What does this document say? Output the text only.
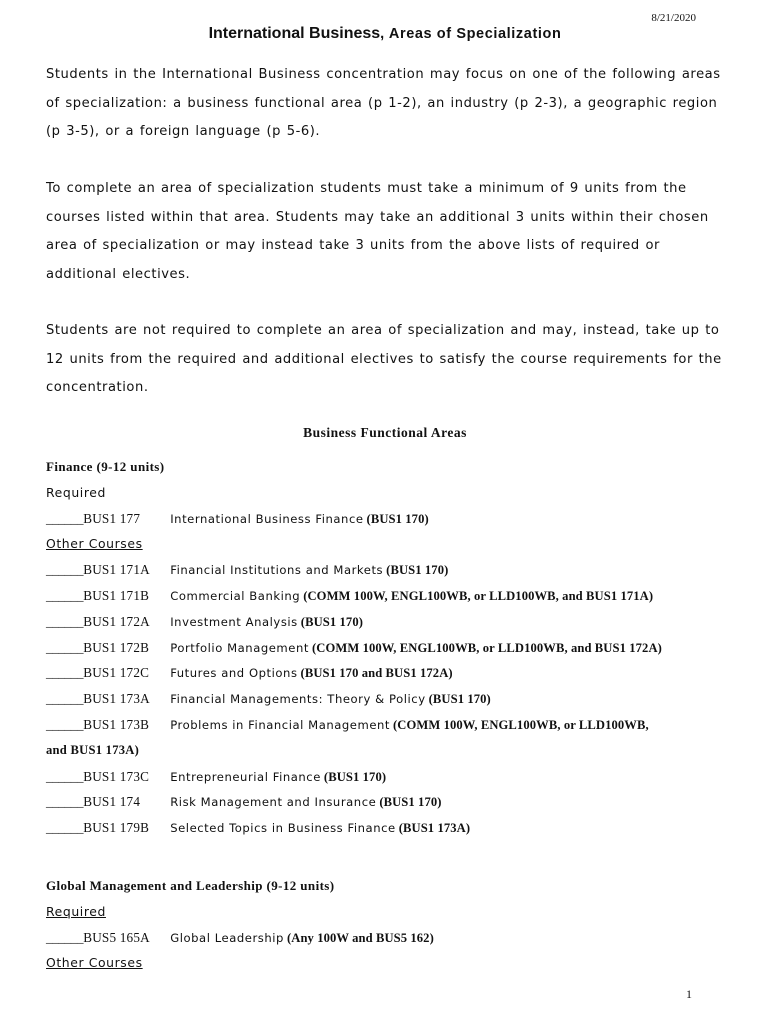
8/21/2020
International Business, Areas of Specialization
Students in the International Business concentration may focus on one of the following areas of specialization: a business functional area (p 1-2), an industry (p 2-3), a geographic region (p 3-5), or a foreign language (p 5-6).
To complete an area of specialization students must take a minimum of 9 units from the courses listed within that area. Students may take an additional 3 units within their chosen area of specialization or may instead take 3 units from the above lists of required or additional electives.
Students are not required to complete an area of specialization and may, instead, take up to 12 units from the required and additional electives to satisfy the course requirements for the concentration.
Business Functional Areas
Finance (9-12 units)
Required
______ BUS1 177	International Business Finance (BUS1 170)
Other Courses
______ BUS1 171A	Financial Institutions and Markets (BUS1 170)
______ BUS1 171B	Commercial Banking (COMM 100W, ENGL100WB, or LLD100WB, and BUS1 171A)
______ BUS1 172A	Investment Analysis (BUS1 170)
______ BUS1 172B	Portfolio Management (COMM 100W, ENGL100WB, or LLD100WB, and BUS1 172A)
______ BUS1 172C	Futures and Options (BUS1 170 and BUS1 172A)
______ BUS1 173A	Financial Managements: Theory & Policy (BUS1 170)
______ BUS1 173B	Problems in Financial Management (COMM 100W, ENGL100WB, or LLD100WB,
and BUS1 173A)
______ BUS1 173C	Entrepreneurial Finance (BUS1 170)
______ BUS1 174	Risk Management and Insurance (BUS1 170)
______ BUS1 179B	Selected Topics in Business Finance (BUS1 173A)
Global Management and Leadership (9-12 units)
Required
______ BUS5 165A	Global Leadership (Any 100W and BUS5 162)
Other Courses
1
